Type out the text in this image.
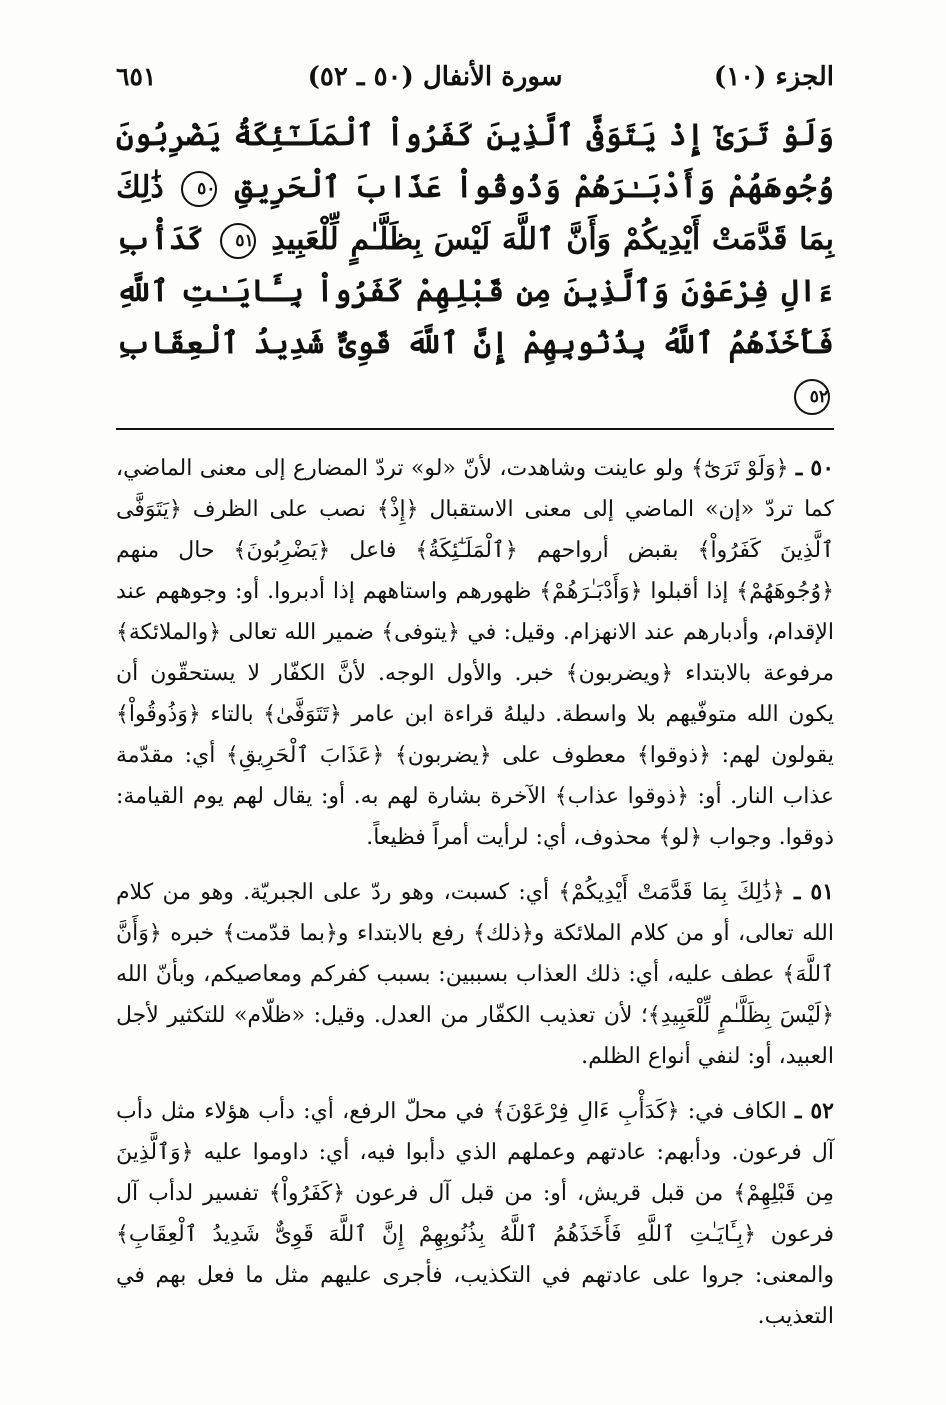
الجزء (١٠)
سورة الأنفال (٥٠ ـ ٥٢)
٦٥١
وَلَوْ تَرَىٰٓ إِذْ يَتَوَفَّى ٱلَّذِينَ كَفَرُواْ ٱلْمَلَـٰٓئِكَةُ يَضْرِبُونَ وُجُوهَهُمْ وَأَدْبَـٰرَهُمْ وَذُوقُواْ عَذَابَ ٱلْحَرِيقِ ٥٠ ذَٰلِكَ بِمَا قَدَّمَتْ أَيْدِيكُمْ وَأَنَّ ٱللَّهَ لَيْسَ بِظَلَّـٰمٍ لِّلْعَبِيدِ ٥١ كَدَأْبِ ءَالِ فِرْعَوْنَ وَٱلَّذِينَ مِن قَبْلِهِمْ كَفَرُواْ بِـَٔايَـٰتِ ٱللَّهِ فَأَخَذَهُمُ ٱللَّهُ بِذُنُوبِهِمْ إِنَّ ٱللَّهَ قَوِىٌّ شَدِيدُ ٱلْعِقَابِ ٥٢

٥٠ ـ ﴿وَلَوْ تَرَىٰٓ﴾ ولو عاينت وشاهدت، لأنّ «لو» تردّ المضارع إلى معنى الماضي، كما تردّ «إن» الماضي إلى معنى الاستقبال ﴿إِذْ﴾ نصب على الظرف ﴿يَتَوَفَّى ٱلَّذِينَ كَفَرُواْ﴾ بقبض أرواحهم ﴿ٱلْمَلَـٰٓئِكَةُ﴾ فاعل ﴿يَضْرِبُونَ﴾ حال منهم ﴿وُجُوهَهُمْ﴾ إذا أقبلوا ﴿وَأَدْبَـٰرَهُمْ﴾ ظهورهم واستاههم إذا أدبروا. أو: وجوههم عند الإقدام، وأدبارهم عند الانهزام. وقيل: في ﴿يتوفى﴾ ضمير الله تعالى ﴿والملائكة﴾ مرفوعة بالابتداء ﴿ويضربون﴾ خبر. والأول الوجه. لأنَّ الكفّار لا يستحقّون أن يكون الله متوفّيهم بلا واسطة. دليلهُ قراءة ابن عامر ﴿تَتَوَفَّىٰ﴾ بالتاء ﴿وَذُوقُواْ﴾ يقولون لهم: ﴿ذوقوا﴾ معطوف على ﴿يضربون﴾ ﴿عَذَابَ ٱلْحَرِيقِ﴾ أي: مقدّمة عذاب النار. أو: ﴿ذوقوا عذاب﴾ الآخرة بشارة لهم به. أو: يقال لهم يوم القيامة: ذوقوا. وجواب ﴿لو﴾ محذوف، أي: لرأيت أمراً فظيعاً.

٥١ ـ ﴿ذَٰلِكَ بِمَا قَدَّمَتْ أَيْدِيكُمْ﴾ أي: كسبت، وهو ردّ على الجبريّة. وهو من كلام الله تعالى، أو من كلام الملائكة و﴿ذلك﴾ رفع بالابتداء و﴿بما قدّمت﴾ خبره ﴿وَأَنَّ ٱللَّهَ﴾ عطف عليه، أي: ذلك العذاب بسببين: بسبب كفركم ومعاصيكم، وبأنّ الله ﴿لَيْسَ بِظَلَّـٰمٍ لِّلْعَبِيدِ﴾؛ لأن تعذيب الكفّار من العدل. وقيل: «ظلّام» للتكثير لأجل العبيد، أو: لنفي أنواع الظلم.

٥٢ ـ الكاف في: ﴿كَدَأْبِ ءَالِ فِرْعَوْنَ﴾ في محلّ الرفع، أي: دأب هؤلاء مثل دأب آل فرعون. ودأبهم: عادتهم وعملهم الذي دأبوا فيه، أي: داوموا عليه ﴿وَٱلَّذِينَ مِن قَبْلِهِمْ﴾ من قبل قريش، أو: من قبل آل فرعون ﴿كَفَرُواْ﴾ تفسير لدأب آل فرعون ﴿بِـَٔايَـٰتِ ٱللَّهِ فَأَخَذَهُمُ ٱللَّهُ بِذُنُوبِهِمْ إِنَّ ٱللَّهَ قَوِىٌّ شَدِيدُ ٱلْعِقَابِ﴾ والمعنى: جروا على عادتهم في التكذيب، فأجرى عليهم مثل ما فعل بهم في التعذيب.
